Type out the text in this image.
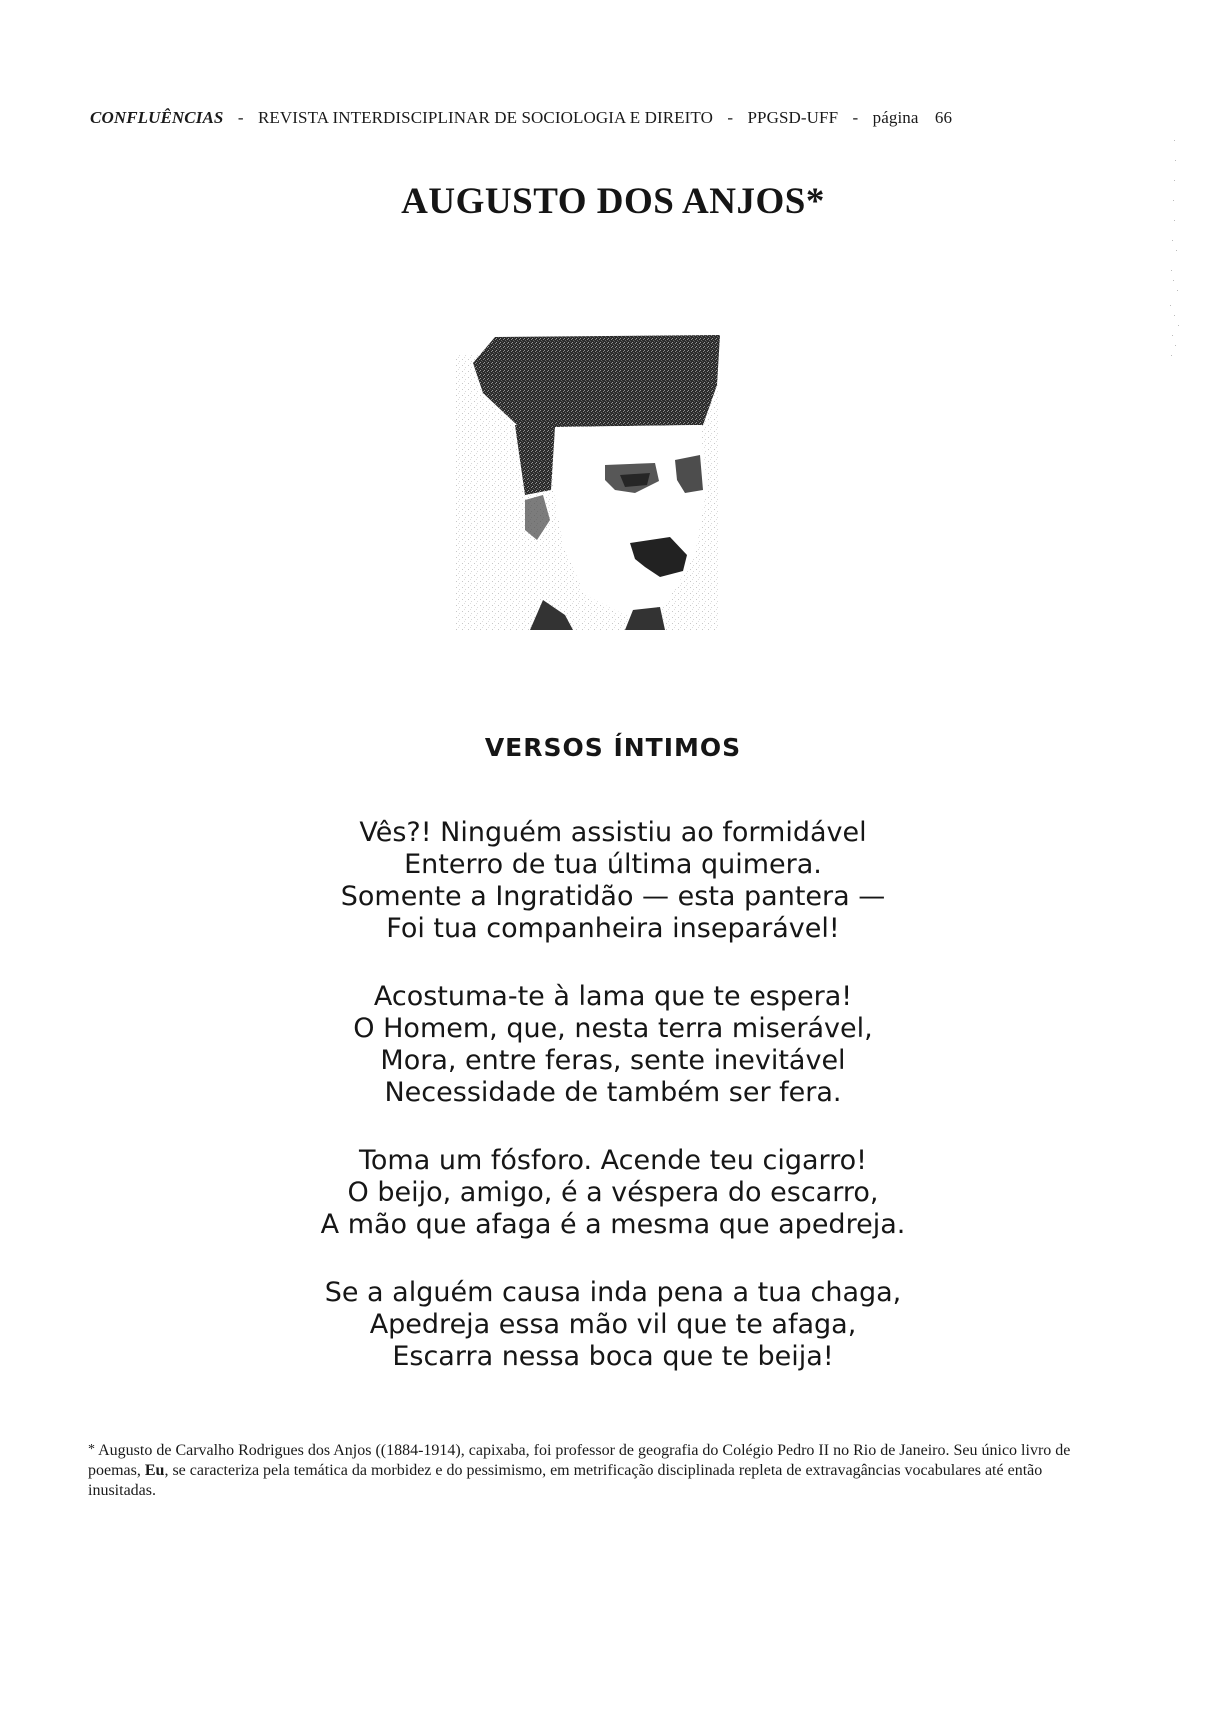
CONFLUÊNCIAS - REVISTA INTERDISCIPLINAR DE SOCIOLOGIA E DIREITO - PPGSD-UFF - página 66
AUGUSTO DOS ANJOS*
VERSOS ÍNTIMOS
Vês?! Ninguém assistiu ao formidável
Enterro de tua última quimera.
Somente a Ingratidão — esta pantera —
Foi tua companheira inseparável!
Acostuma-te à lama que te espera!
O Homem, que, nesta terra miserável,
Mora, entre feras, sente inevitável
Necessidade de também ser fera.
Toma um fósforo. Acende teu cigarro!
O beijo, amigo, é a véspera do escarro,
A mão que afaga é a mesma que apedreja.
Se a alguém causa inda pena a tua chaga,
Apedreja essa mão vil que te afaga,
Escarra nessa boca que te beija!
* Augusto de Carvalho Rodrigues dos Anjos ((1884-1914), capixaba, foi professor de geografia do Colégio Pedro II no Rio de Janeiro. Seu único livro de poemas, Eu, se caracteriza pela temática da morbidez e do pessimismo, em metrificação disciplinada repleta de extravagâncias vocabulares até então inusitadas.
